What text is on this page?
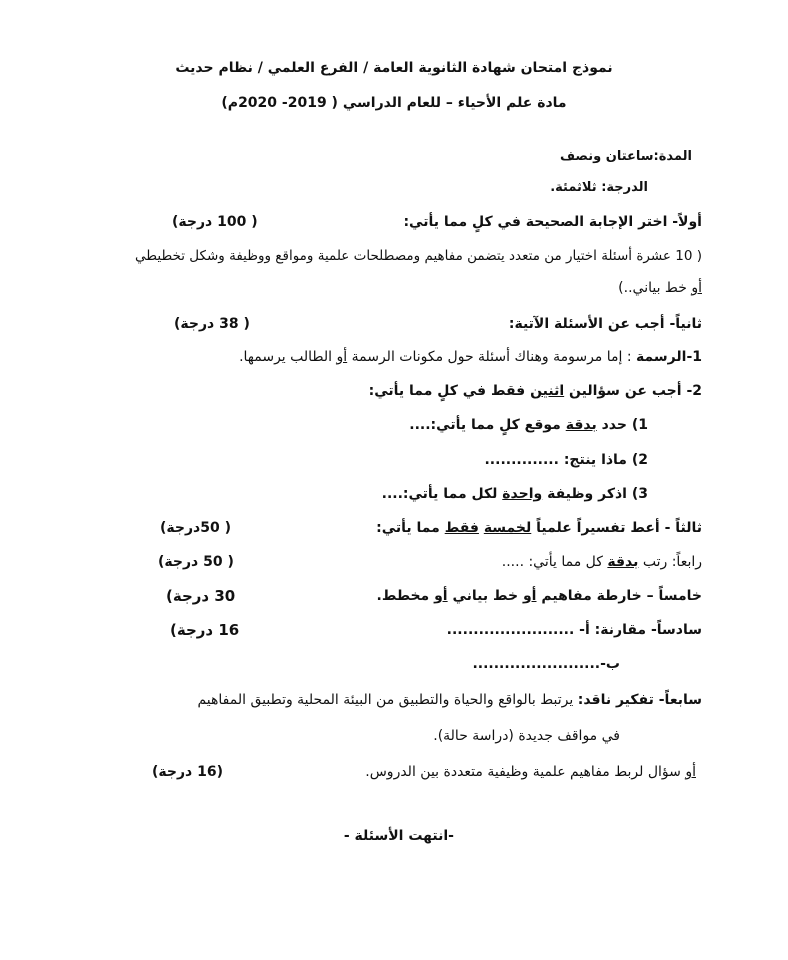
نموذج امتحان شهادة الثانوية العامة / الفرع العلمي / نظام حديث
مادة علم الأحياء – للعام الدراسي ( 2019- 2020م)
المدة:ساعتان ونصف
الدرجة: ثلاثمئة.
أولاً- اختر الإجابة الصحيحة في كلٍ مما يأتي:
( 100 درجة)
( 10 عشرة أسئلة اختيار من متعدد يتضمن مفاهيم ومصطلحات علمية ومواقع ووظيفة وشكل تخطيطي
أو خط بياني..)
ثانياً- أجب عن الأسئلة الآتية:
( 38 درجة)
1-الرسمة : إما مرسومة وهناك أسئلة حول مكونات الرسمة أو الطالب يرسمها.
2- أجب عن سؤالين اثنين فقط في كلٍ مما يأتي:
1) حدد بدقة موقع كلٍ مما يأتي:....
2) ماذا ينتج: ..............
3) اذكر وظيفة واحدة لكل مما يأتي:....
ثالثاً - أعط تفسيراً علمياً لخمسة فقط مما يأتي:
( 50درجة)
رابعاً: رتب بدقة كل مما يأتي: .....
( 50 درجة)
خامساً – خارطة مفاهيم أو خط بياني أو مخطط.
30 درجة)
سادساً- مقارنة: أ- ........................
16 درجة)
ب-........................
سابعاً- تفكير ناقد: يرتبط بالواقع والحياة والتطبيق من البيئة المحلية وتطبيق المفاهيم
في مواقف جديدة (دراسة حالة).
أو سؤال لربط مفاهيم علمية وظيفية متعددة بين الدروس.
(16 درجة)
-انتهت الأسئلة -
